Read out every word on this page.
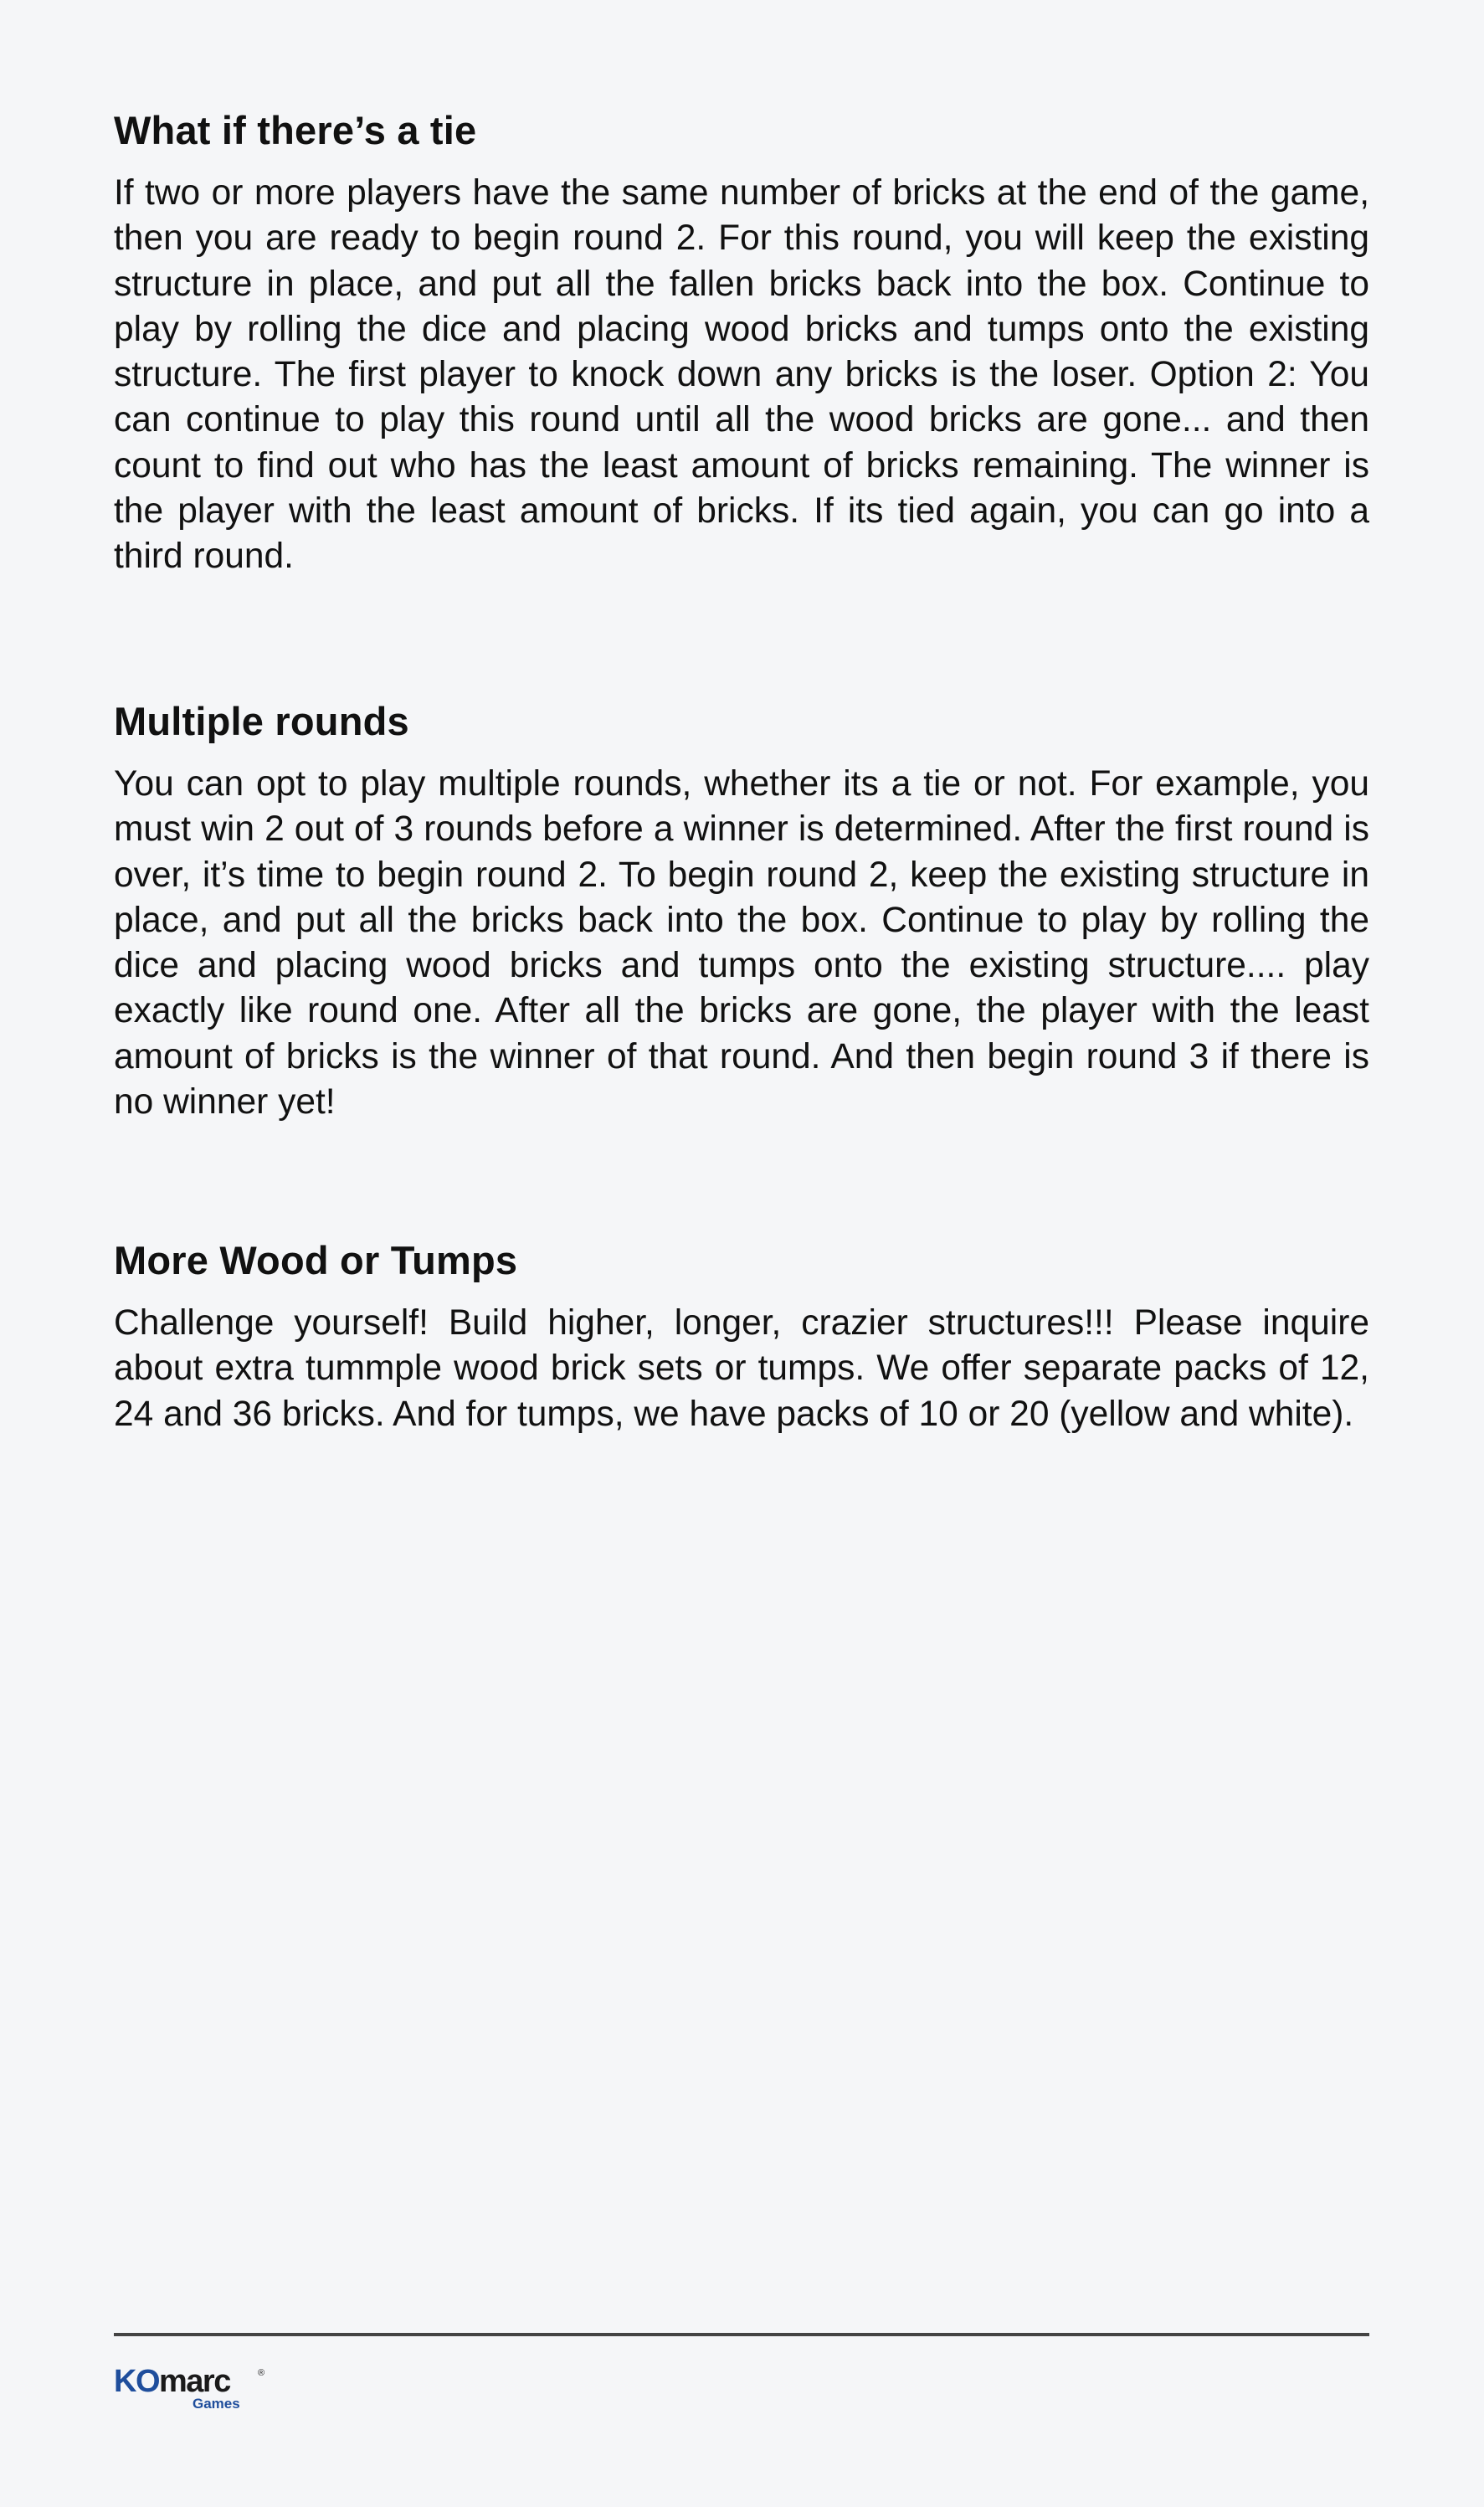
What if there’s a tie

If two or more players have the same number of bricks at the end of the game, then you are ready to begin round 2. For this round, you will keep the existing structure in place, and put all the fallen bricks back into the box. Continue to play by rolling the dice and placing wood bricks and tumps onto the existing structure. The first player to knock down any bricks is the loser. Option 2: You can continue to play this round until all the wood bricks are gone... and then count to find out who has the least amount of bricks remaining. The winner is the player with the least amount of bricks. If its tied again, you can go into a third round.

Multiple rounds

You can opt to play multiple rounds, whether its a tie or not. For example, you must win 2 out of 3 rounds before a winner is determined. After the first round is over, it’s time to begin round 2. To begin round 2, keep the existing structure in place, and put all the bricks back into the box. Continue to play by rolling the dice and placing wood bricks and tumps onto the existing structure.... play exactly like round one. After all the bricks are gone, the player with the least amount of bricks is the winner of that round. And then begin round 3 if there is no winner yet!

More Wood or Tumps

Challenge yourself! Build higher, longer, crazier structures!!! Please inquire about extra tummple wood brick sets or tumps. We offer separate packs of 12, 24 and 36 bricks. And for tumps, we have packs of 10 or 20 (yellow and white).

KOmarc	®
Games
